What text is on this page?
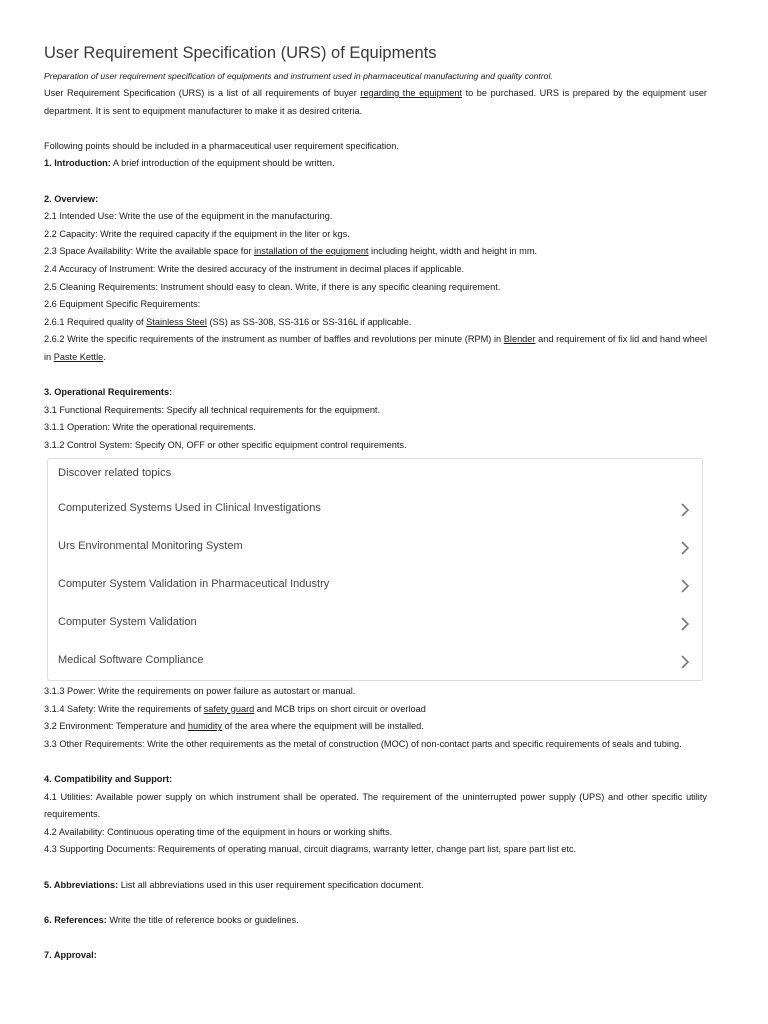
User Requirement Specification (URS) of Equipments

Preparation of user requirement specification of equipments and instrument used in pharmaceutical manufacturing and quality control.

User Requirement Specification (URS) is a list of all requirements of buyer regarding the equipment to be purchased. URS is prepared by the equipment user department. It is sent to equipment manufacturer to make it as desired criteria.

Following points should be included in a pharmaceutical user requirement specification.

1. Introduction: A brief introduction of the equipment should be written.

2. Overview:

2.1 Intended Use: Write the use of the equipment in the manufacturing.

2.2 Capacity: Write the required capacity if the equipment in the liter or kgs.

2.3 Space Availability: Write the available space for installation of the equipment including height, width and height in mm.

2.4 Accuracy of Instrument: Write the desired accuracy of the instrument in decimal places if applicable.

2.5 Cleaning Requirements: Instrument should easy to clean. Write, if there is any specific cleaning requirement.

2.6 Equipment Specific Requirements:

2.6.1 Required quality of Stainless Steel (SS) as SS-308, SS-316 or SS-316L if applicable.

2.6.2 Write the specific requirements of the instrument as number of baffles and revolutions per minute (RPM) in Blender and requirement of fix lid and hand wheel in Paste Kettle.

3. Operational Requirements:

3.1 Functional Requirements: Specify all technical requirements for the equipment.

3.1.1 Operation: Write the operational requirements.

3.1.2 Control System: Specify ON, OFF or other specific equipment control requirements.

Discover related topics
Computerized Systems Used in Clinical Investigations
Urs Environmental Monitoring System
Computer System Validation in Pharmaceutical Industry
Computer System Validation
Medical Software Compliance

3.1.3 Power: Write the requirements on power failure as autostart or manual.

3.1.4 Safety: Write the requirements of safety guard and MCB trips on short circuit or overload

3.2 Environment: Temperature and humidity of the area where the equipment will be installed.

3.3 Other Requirements: Write the other requirements as the metal of construction (MOC) of non-contact parts and specific requirements of seals and tubing.

4. Compatibility and Support:

4.1 Utilities: Available power supply on which instrument shall be operated. The requirement of the uninterrupted power supply (UPS) and other specific utility requirements.

4.2 Availability: Continuous operating time of the equipment in hours or working shifts.

4.3 Supporting Documents: Requirements of operating manual, circuit diagrams, warranty letter, change part list, spare part list etc.

5. Abbreviations: List all abbreviations used in this user requirement specification document.

6. References: Write the title of reference books or guidelines.

7. Approval:
